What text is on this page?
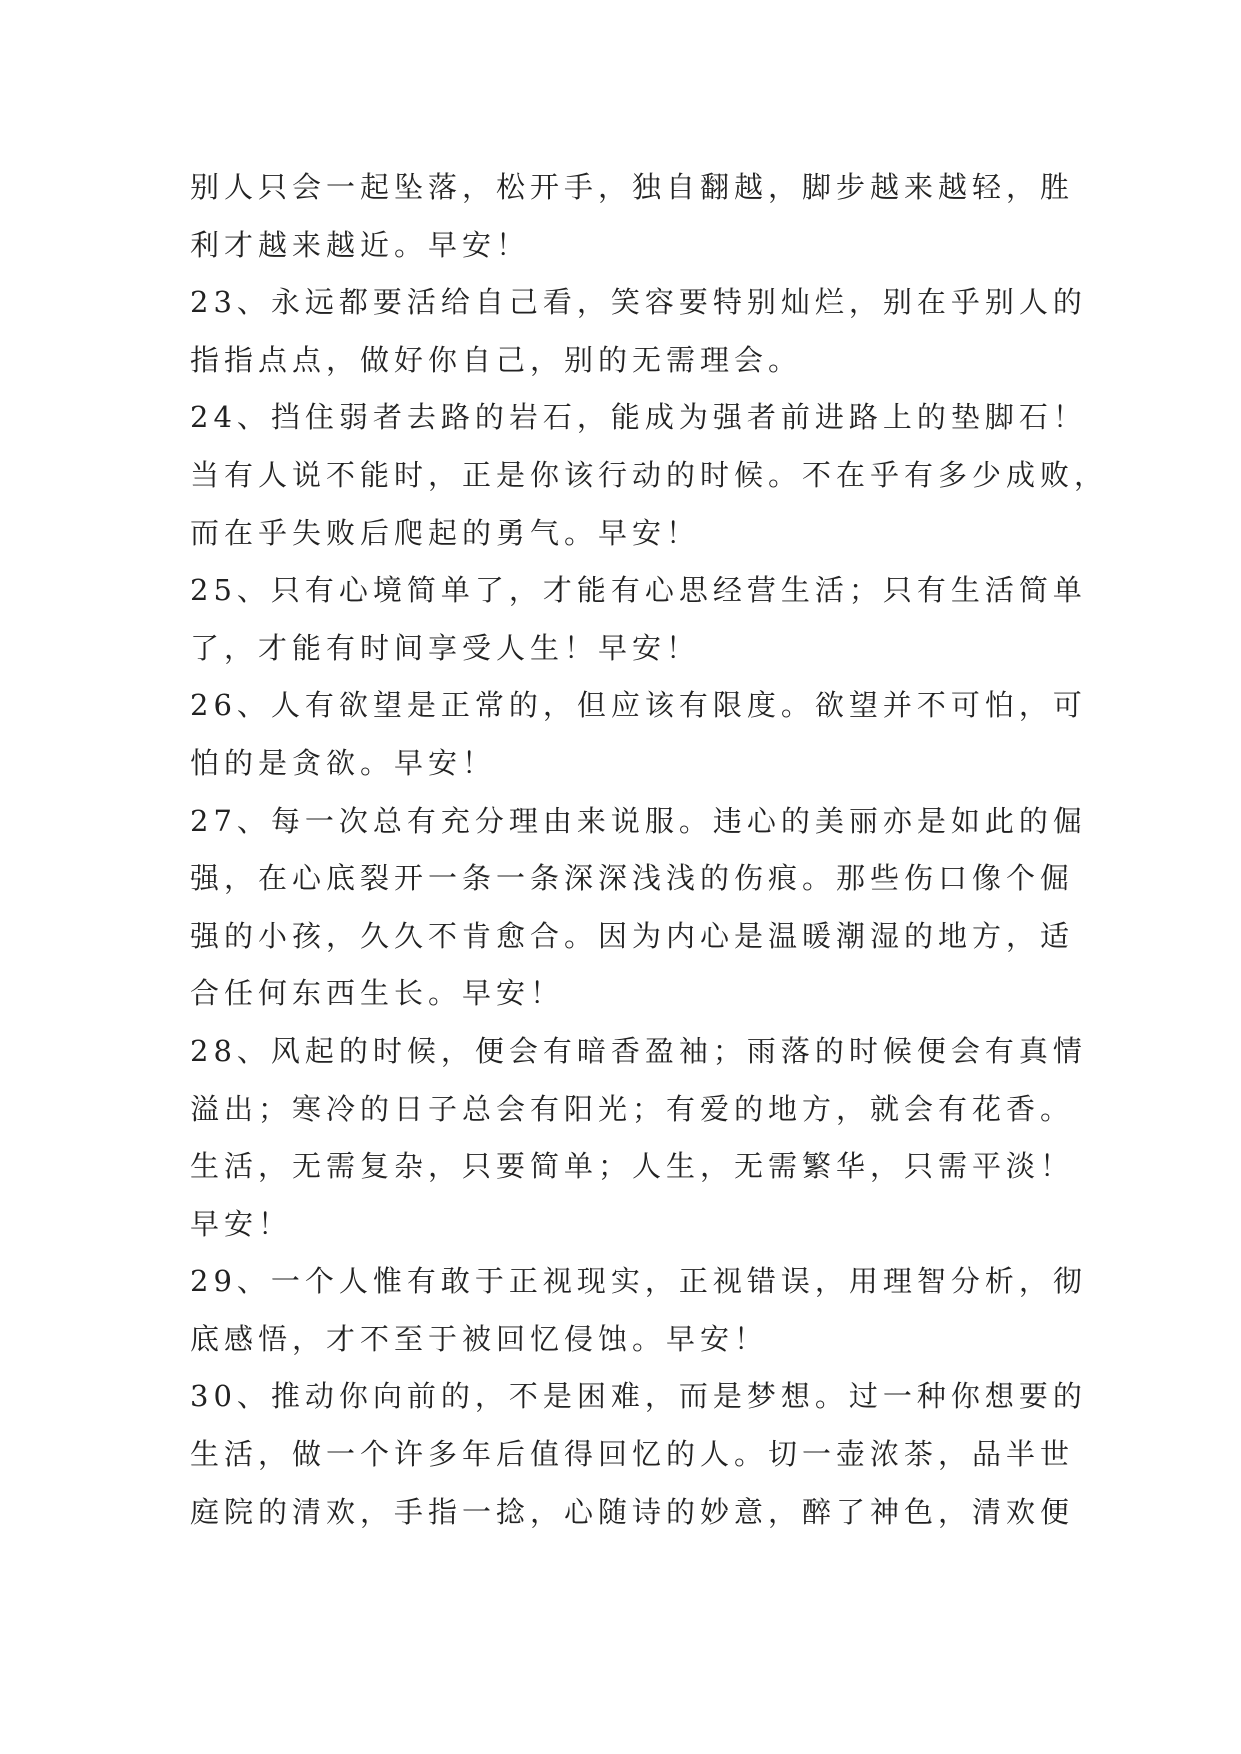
别人只会一起坠落，松开手，独自翻越，脚步越来越轻，胜
利才越来越近。早安！
23、永远都要活给自己看，笑容要特别灿烂，别在乎别人的
指指点点，做好你自己，别的无需理会。
24、挡住弱者去路的岩石，能成为强者前进路上的垫脚石！
当有人说不能时，正是你该行动的时候。不在乎有多少成败，
而在乎失败后爬起的勇气。早安！
25、只有心境简单了，才能有心思经营生活；只有生活简单
了，才能有时间享受人生！早安！
26、人有欲望是正常的，但应该有限度。欲望并不可怕，可
怕的是贪欲。早安！
27、每一次总有充分理由来说服。违心的美丽亦是如此的倔
强，在心底裂开一条一条深深浅浅的伤痕。那些伤口像个倔
强的小孩，久久不肯愈合。因为内心是温暖潮湿的地方，适
合任何东西生长。早安！
28、风起的时候，便会有暗香盈袖；雨落的时候便会有真情
溢出；寒冷的日子总会有阳光；有爱的地方，就会有花香。
生活，无需复杂，只要简单；人生，无需繁华，只需平淡！
早安！
29、一个人惟有敢于正视现实，正视错误，用理智分析，彻
底感悟，才不至于被回忆侵蚀。早安！
30、推动你向前的，不是困难，而是梦想。过一种你想要的
生活，做一个许多年后值得回忆的人。切一壶浓茶，品半世
庭院的清欢，手指一捻，心随诗的妙意，醉了神色，清欢便
